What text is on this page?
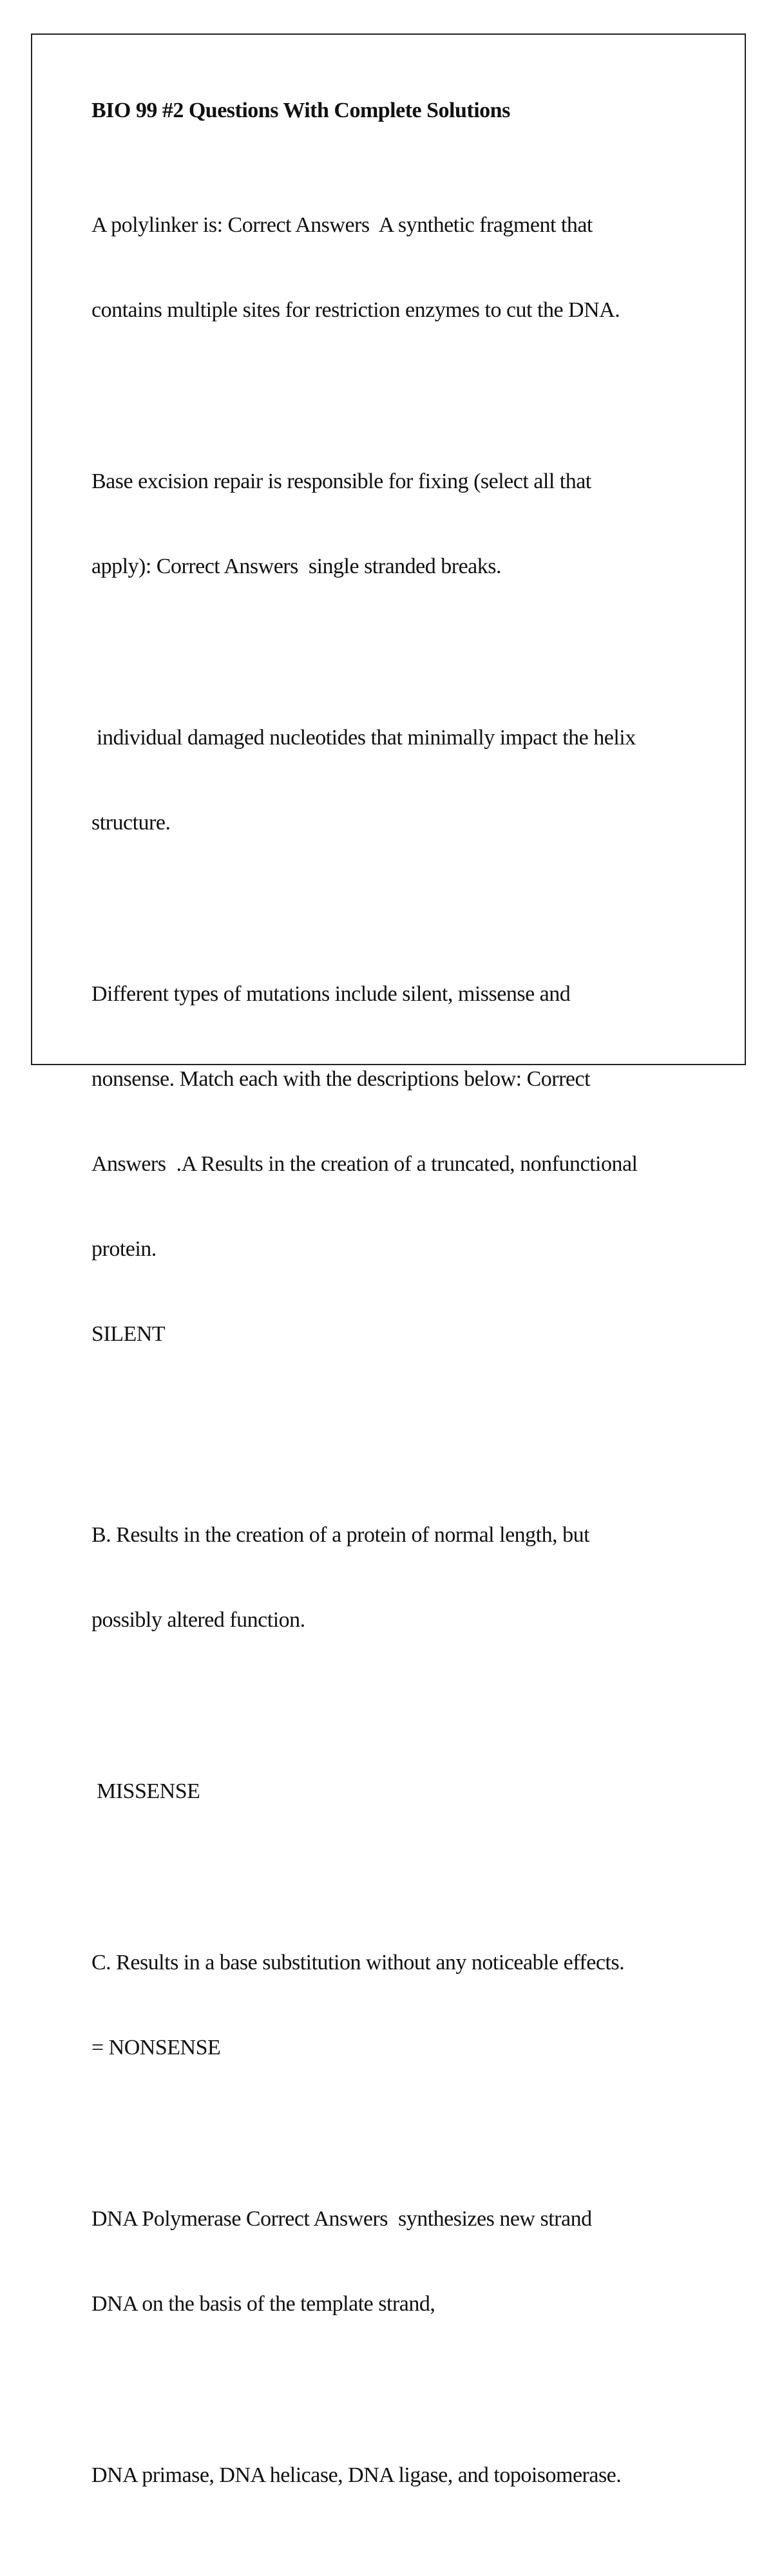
BIO 99 #2 Questions With Complete Solutions

A polylinker is: Correct Answers  A synthetic fragment that

contains multiple sites for restriction enzymes to cut the DNA.

Base excision repair is responsible for fixing (select all that

apply): Correct Answers  single stranded breaks.

individual damaged nucleotides that minimally impact the helix

structure.

Different types of mutations include silent, missense and

nonsense. Match each with the descriptions below: Correct

Answers  .A Results in the creation of a truncated, nonfunctional

protein.

SILENT

B. Results in the creation of a protein of normal length, but

possibly altered function.

MISSENSE

C. Results in a base substitution without any noticeable effects.

= NONSENSE

DNA Polymerase Correct Answers  synthesizes new strand

DNA on the basis of the template strand,

DNA primase, DNA helicase, DNA ligase, and topoisomerase.
